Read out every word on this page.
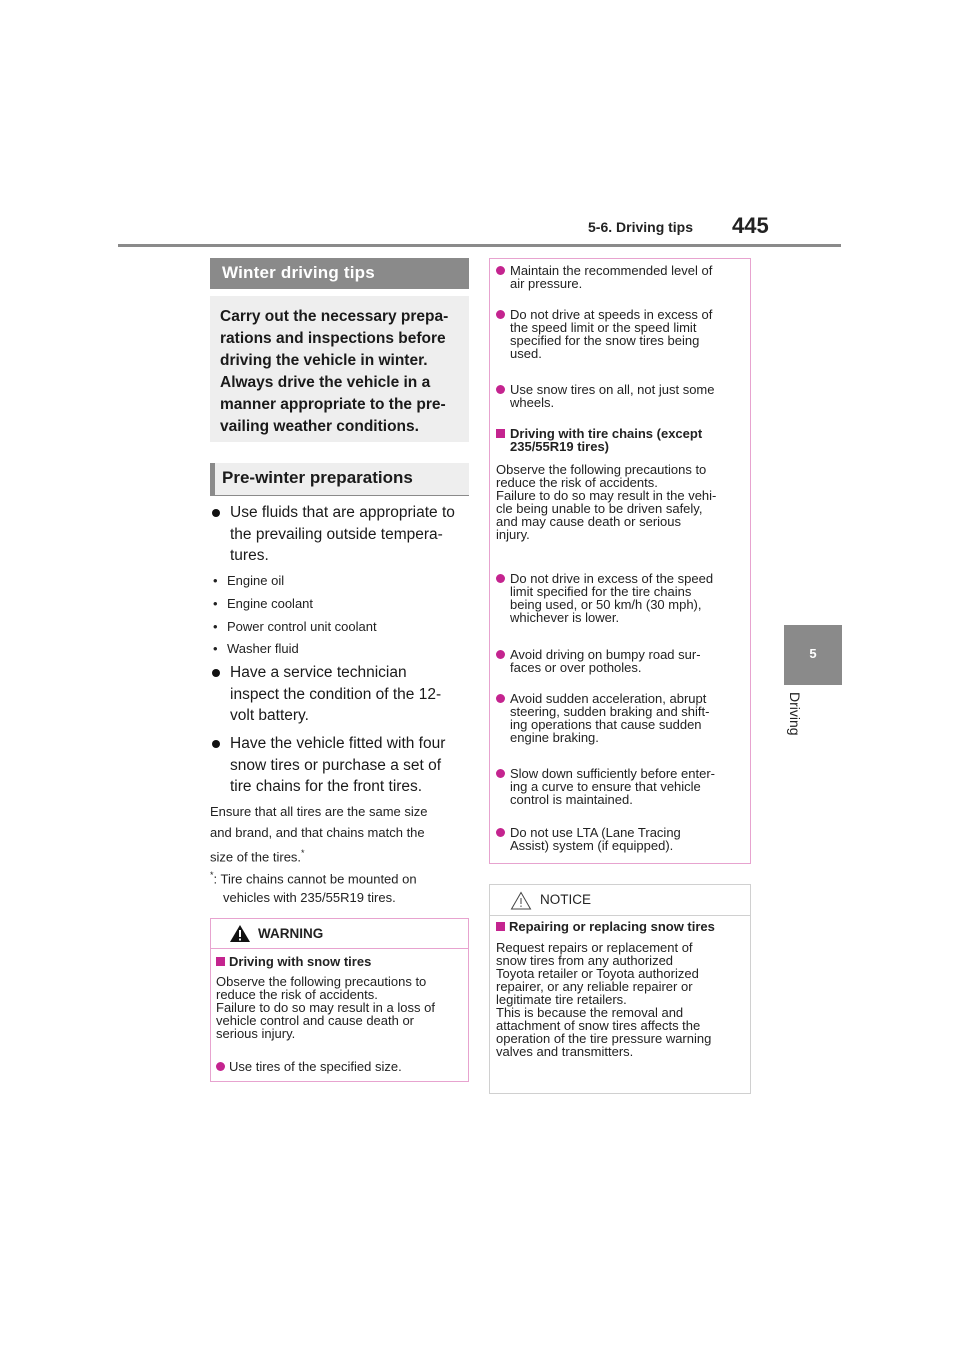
5-6. Driving tips 445
5
Driving
Winter driving tips
Carry out the necessary prepa-
rations and inspections before
driving the vehicle in winter.
Always drive the vehicle in a
manner appropriate to the pre-
vailing weather conditions.
Pre-winter preparations
Use fluids that are appropriate to
the prevailing outside tempera-
tures.
• Engine oil
• Engine coolant
• Power control unit coolant
• Washer fluid
Have a service technician
inspect the condition of the 12-
volt battery.
Have the vehicle fitted with four
snow tires or purchase a set of
tire chains for the front tires.
Ensure that all tires are the same size
and brand, and that chains match the
size of the tires.*
*: Tire chains cannot be mounted on
vehicles with 235/55R19 tires.
WARNING
Driving with snow tires
Observe the following precautions to
reduce the risk of accidents.
Failure to do so may result in a loss of
vehicle control and cause death or
serious injury.
Use tires of the specified size.
Maintain the recommended level of
air pressure.
Do not drive at speeds in excess of
the speed limit or the speed limit
specified for the snow tires being
used.
Use snow tires on all, not just some
wheels.
Driving with tire chains (except
235/55R19 tires)
Observe the following precautions to
reduce the risk of accidents.
Failure to do so may result in the vehi-
cle being unable to be driven safely,
and may cause death or serious
injury.
Do not drive in excess of the speed
limit specified for the tire chains
being used, or 50 km/h (30 mph),
whichever is lower.
Avoid driving on bumpy road sur-
faces or over potholes.
Avoid sudden acceleration, abrupt
steering, sudden braking and shift-
ing operations that cause sudden
engine braking.
Slow down sufficiently before enter-
ing a curve to ensure that vehicle
control is maintained.
Do not use LTA (Lane Tracing
Assist) system (if equipped).
NOTICE
Repairing or replacing snow tires
Request repairs or replacement of
snow tires from any authorized
Toyota retailer or Toyota authorized
repairer, or any reliable repairer or
legitimate tire retailers.
This is because the removal and
attachment of snow tires affects the
operation of the tire pressure warning
valves and transmitters.
